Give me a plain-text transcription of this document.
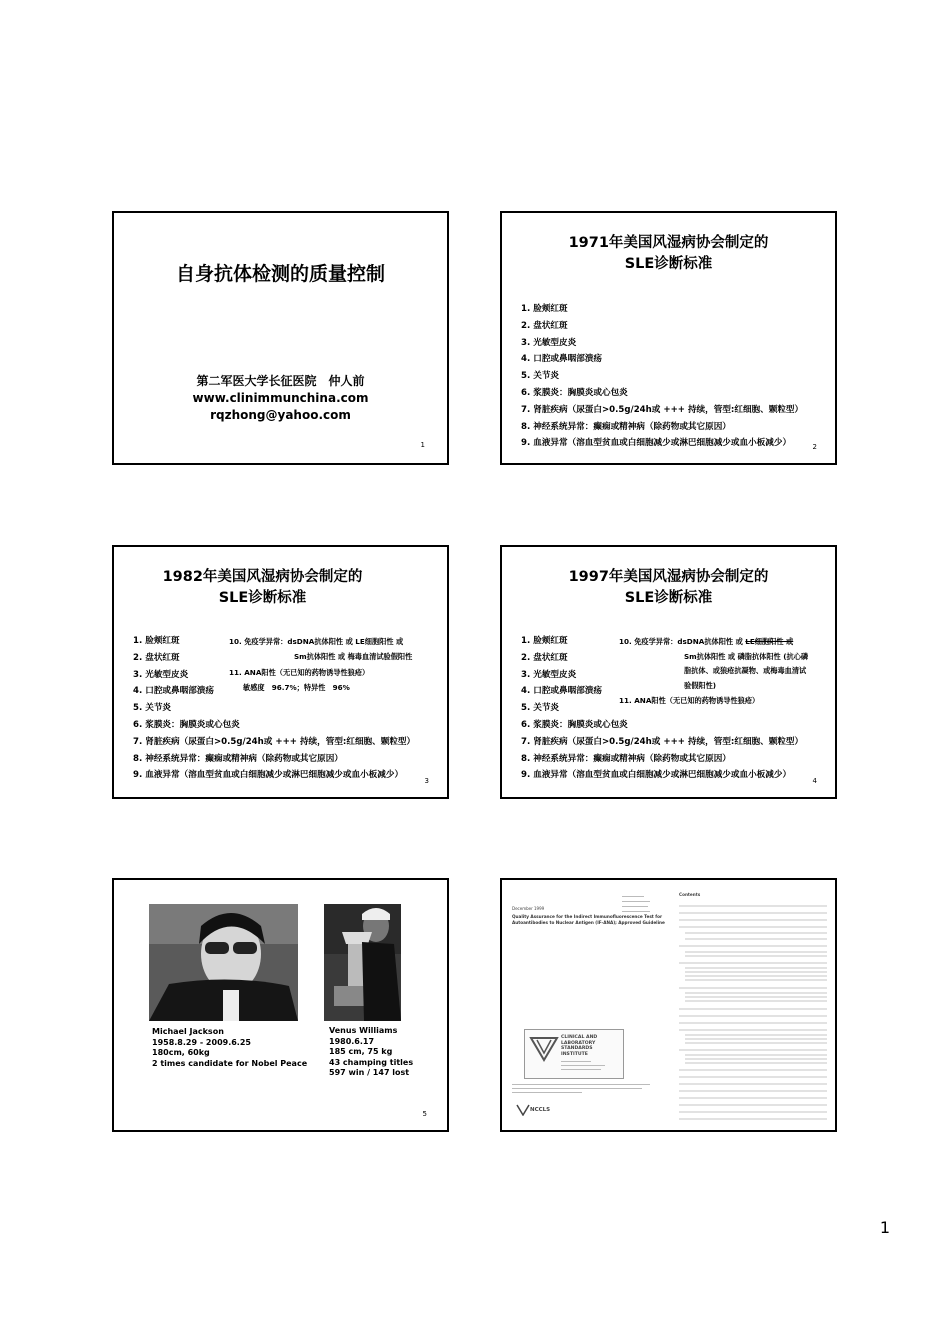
自身抗体检测的质量控制
第二军医大学长征医院　仲人前
www.clinimmunchina.com
rqzhong@yahoo.com
1
1971年美国风湿病协会制定的
SLE诊断标准
1. 脸颊红斑
2. 盘状红斑
3. 光敏型皮炎
4. 口腔或鼻咽部溃疡
5. 关节炎
6. 浆膜炎：胸膜炎或心包炎
7. 肾脏疾病（尿蛋白>0.5g/24h或 +++ 持续，管型:红细胞、颗粒型）
8. 神经系统异常：癫痫或精神病（除药物或其它原因）
9. 血液异常（溶血型贫血或白细胞减少或淋巴细胞减少或血小板减少）	2
1982年美国风湿病协会制定的
SLE诊断标准
1. 脸颊红斑
2. 盘状红斑
3. 光敏型皮炎
4. 口腔或鼻咽部溃疡
5. 关节炎
6. 浆膜炎：胸膜炎或心包炎
7. 肾脏疾病（尿蛋白>0.5g/24h或 +++ 持续，管型:红细胞、颗粒型）
8. 神经系统异常：癫痫或精神病（除药物或其它原因）
9. 血液异常（溶血型贫血或白细胞减少或淋巴细胞减少或血小板减少）
10. 免疫学异常：dsDNA抗体阳性 或 LE细胞阳性 或
Sm抗体阳性 或 梅毒血清试验假阳性
11. ANA阳性（无已知的药物诱导性狼疮）
敏感度　96.7%；特异性　96%
3
1997年美国风湿病协会制定的
SLE诊断标准
1. 脸颊红斑
2. 盘状红斑
3. 光敏型皮炎
4. 口腔或鼻咽部溃疡
5. 关节炎
6. 浆膜炎：胸膜炎或心包炎
7. 肾脏疾病（尿蛋白>0.5g/24h或 +++ 持续，管型:红细胞、颗粒型）
8. 神经系统异常：癫痫或精神病（除药物或其它原因）
9. 血液异常（溶血型贫血或白细胞减少或淋巴细胞减少或血小板减少）
10. 免疫学异常：dsDNA抗体阳性 或 LE细胞阳性 或
Sm抗体阳性 或 磷脂抗体阳性 (抗心磷
脂抗体、或狼疮抗凝物、或梅毒血清试
验假阳性)
11. ANA阳性（无已知的药物诱导性狼疮）
4
Michael Jackson
1958.8.29 - 2009.6.25
180cm, 60kg
2 times candidate for Nobel Peace
Venus Williams
1980.6.17
185 cm, 75 kg
43 champing titles
597 win / 147 lost
5
December 1999
Quality Assurance for the Indirect Immunofluorescence Test for
Autoantibodies to Nuclear Antigen (IF-ANA); Approved Guideline
CLINICAL AND
LABORATORY
STANDARDS
INSTITUTE
NCCLS
Contents
1
